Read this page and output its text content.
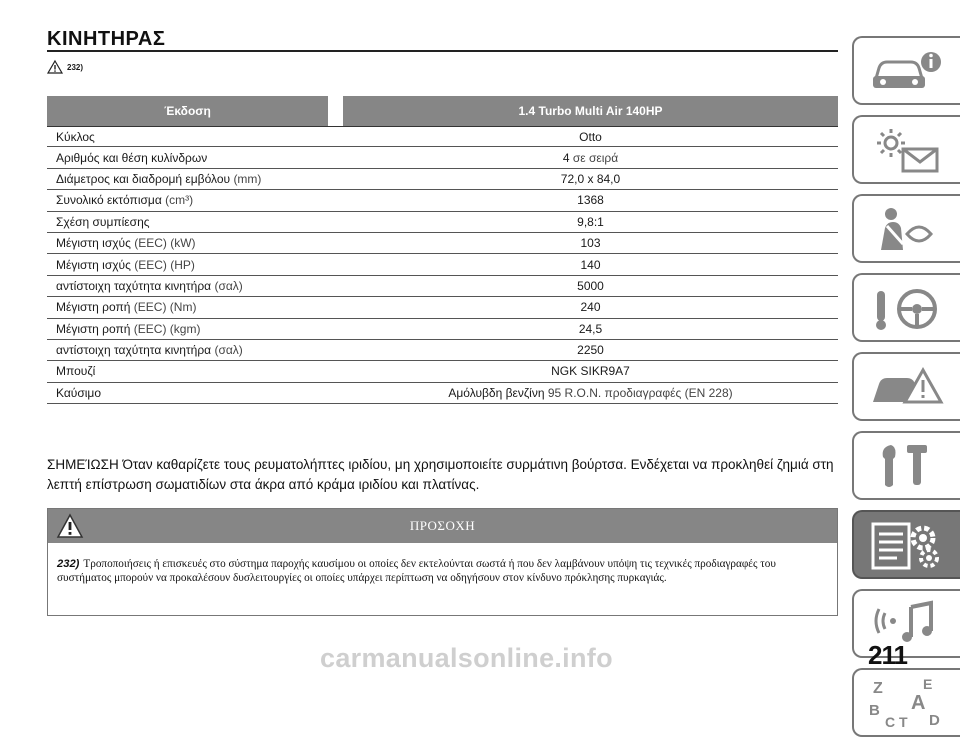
ΚΙΝΗΤΗΡΑΣ
232)
Έκδοση	1.4 Turbo Multi Air 140HP
Κύκλος	Otto
Αριθμός και θέση κυλίνδρων	4 σε σειρά
Διάμετρος και διαδρομή εμβόλου (mm)	72,0 x 84,0
Συνολικό εκτόπισμα (cm³)	1368
Σχέση συμπίεσης	9,8:1
Μέγιστη ισχύς (EEC) (kW)	103
Μέγιστη ισχύς (EEC) (HP)	140
αντίστοιχη ταχύτητα κινητήρα (σαλ)	5000
Μέγιστη ροπή (EEC) (Nm)	240
Μέγιστη ροπή (EEC) (kgm)	24,5
αντίστοιχη ταχύτητα κινητήρα (σαλ)	2250
Μπουζί	NGK SIKR9A7
Καύσιμο	Αμόλυβδη βενζίνη 95 R.O.N. προδιαγραφές (EN 228)
ΣΗΜΕΊΩΣΗ Όταν καθαρίζετε τους ρευματολήπτες ιριδίου, μη χρησιμοποιείτε συρμάτινη βούρτσα. Ενδέχεται να προκληθεί ζημιά στη λεπτή επίστρωση σωματιδίων στα άκρα από κράμα ιριδίου και πλατίνας.
ΠΡΟΣΟΧΗ
232) Τροποποιήσεις ή επισκευές στο σύστημα παροχής καυσίμου οι οποίες δεν εκτελούνται σωστά ή που δεν λαμβάνουν υπόψη τις τεχνικές προδιαγραφές του συστήματος μπορούν να προκαλέσουν δυσλειτουργίες οι οποίες υπάρχει περίπτωση να οδηγήσουν στον κίνδυνο πρόκλησης πυρκαγιάς.
Z	E
A
B
C T D
carmanualsonline.info	211
